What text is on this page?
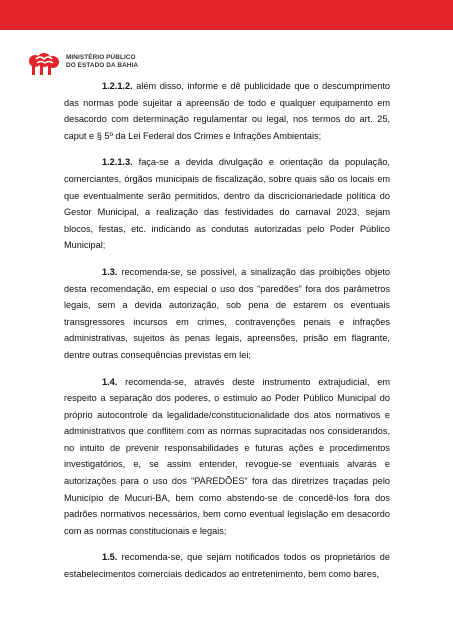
MINISTÉRIO PÚBLICO
DO ESTADO DA BAHIA

1.2.1.2. além disso, informe e dê publicidade que o descumprimento das normas pode sujeitar a apreensão de todo e qualquer equipamento em desacordo com determinação regulamentar ou legal, nos termos do art. 25, caput e § 5º da Lei Federal dos Crimes e Infrações Ambientais;

1.2.1.3. faça-se a devida divulgação e orientação da população, comerciantes, órgãos municipais de fiscalização, sobre quais são os locais em que eventualmente serão permitidos, dentro da discricionariedade política do Gestor Municipal, a realização das festividades do carnaval 2023, sejam blocos, festas, etc. indicando as condutas autorizadas pelo Poder Público Municipal;

1.3. recomenda-se, se possível, a sinalização das proibições objeto desta recomendação, em especial o uso dos “paredões” fora dos parâmetros legais, sem a devida autorização, sob pena de estarem os eventuais transgressores incursos em crimes, contravenções penais e infrações administrativas, sujeitos às penas legais, apreensões, prisão em flagrante, dentre outras consequências previstas em lei;

1.4. recomenda-se, através deste instrumento extrajudicial, em respeito a separação dos poderes, o estimulo ao Poder Público Municipal do próprio autocontrole da legalidade/constitucionalidade dos atos normativos e administrativos que conflitem com as normas supracitadas nos considerandos, no intuito de prevenir responsabilidades e futuras ações e procedimentos investigatórios, e, se assim entender, revogue-se eventuais alvarás e autorizações para o uso dos “PAREDÕES” fora das diretrizes traçadas pelo Município de Mucuri-BA, bem como abstendo-se de concedê-los fora dos padrões normativos necessários, bem como eventual legislação em desacordo com as normas constitucionais e legais;

1.5. recomenda-se, que sejam notificados todos os proprietários de estabelecimentos comerciais dedicados ao entretenimento, bem como bares,
